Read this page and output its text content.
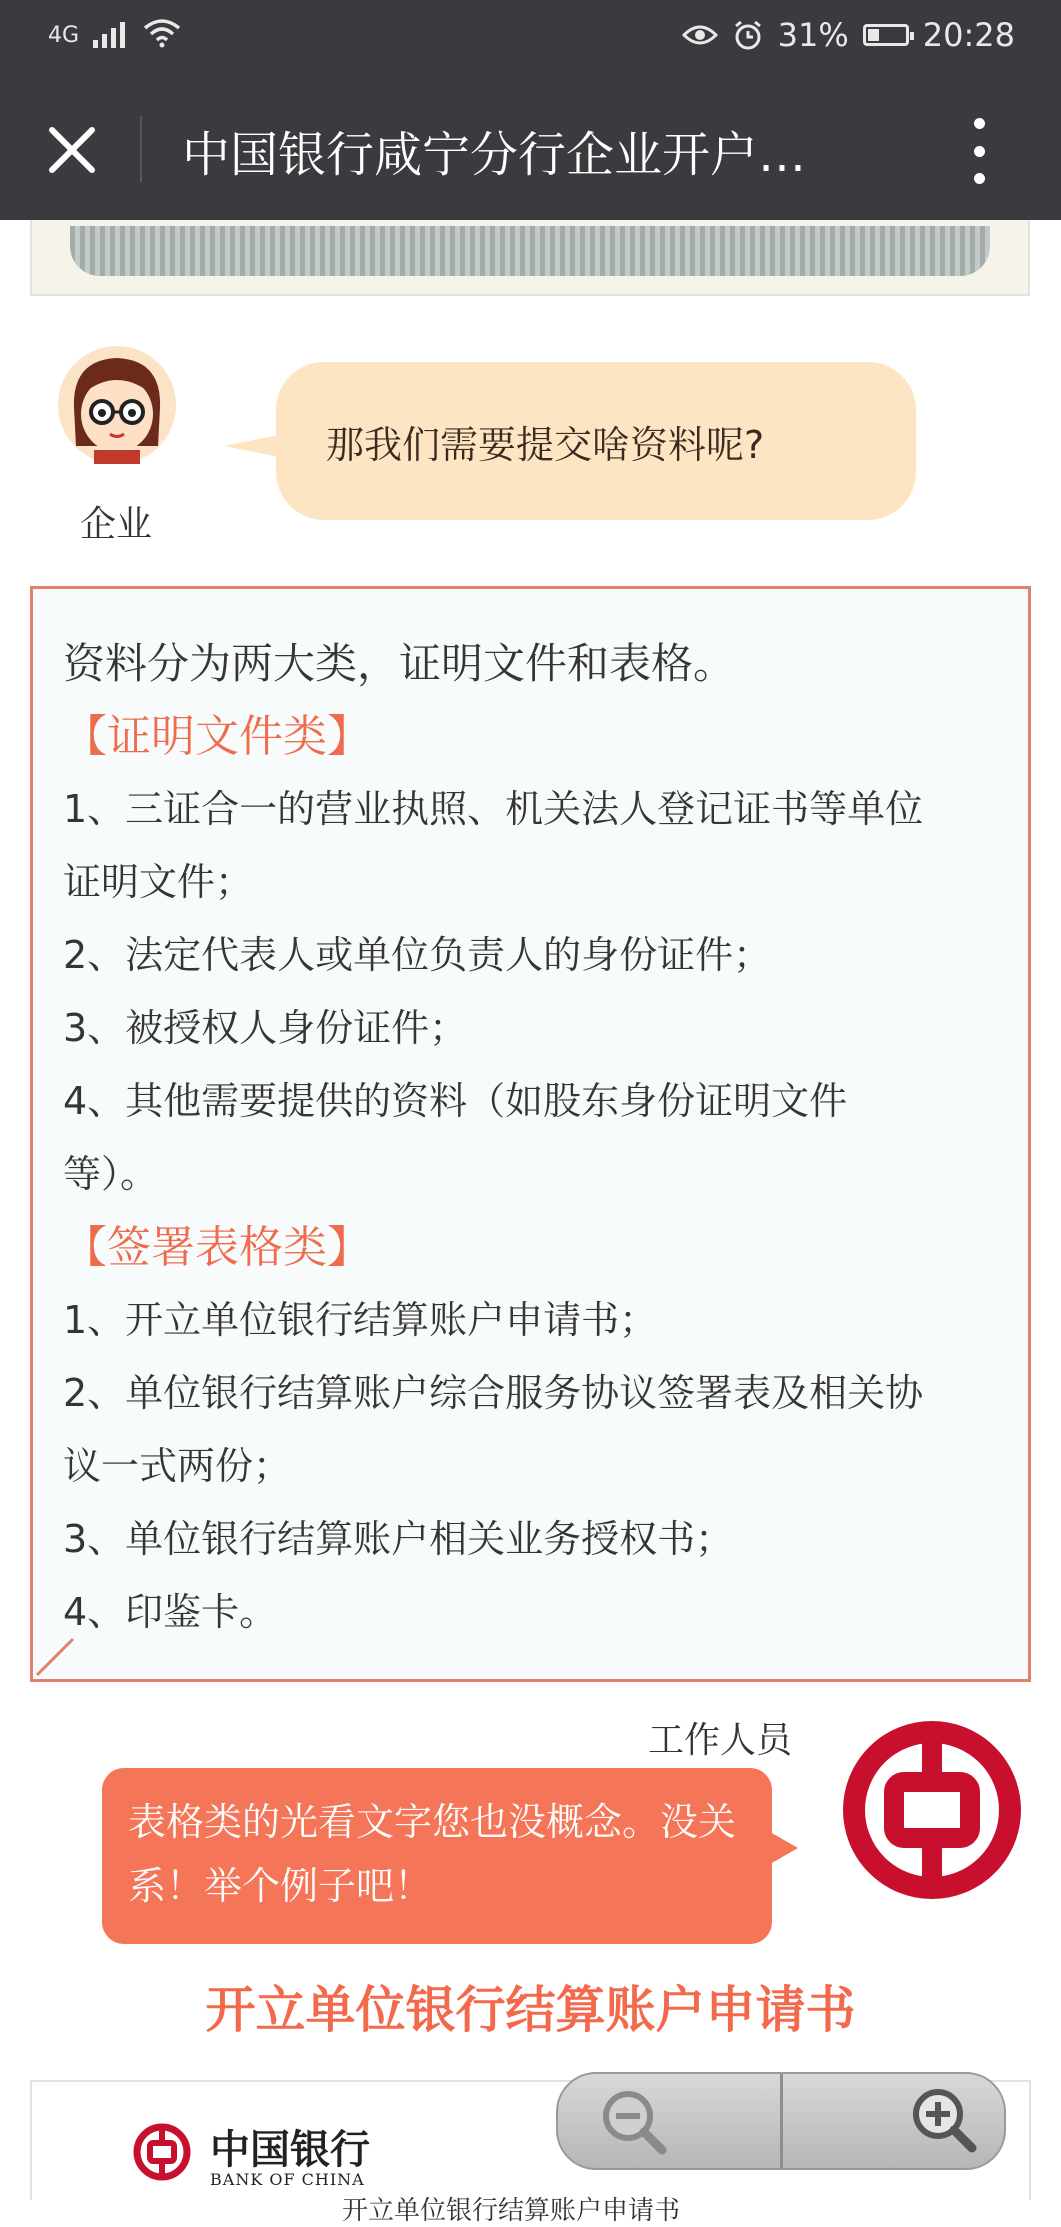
4G	31% 20:28
中国银行咸宁分行企业开户…
企业
那我们需要提交啥资料呢?
资料分为两大类，证明文件和表格。
【证明文件类】
1、三证合一的营业执照、机关法人登记证书等单位
证明文件；
2、法定代表人或单位负责人的身份证件；
3、被授权人身份证件；
4、其他需要提供的资料（如股东身份证明文件
等）。
【签署表格类】
1、开立单位银行结算账户申请书；
2、单位银行结算账户综合服务协议签署表及相关协
议一式两份；
3、单位银行结算账户相关业务授权书；
4、印鉴卡。
工作人员
表格类的光看文字您也没概念。没关系！举个例子吧！
开立单位银行结算账户申请书
中国银行
BANK OF CHINA
开立单位银行结算账户申请书
